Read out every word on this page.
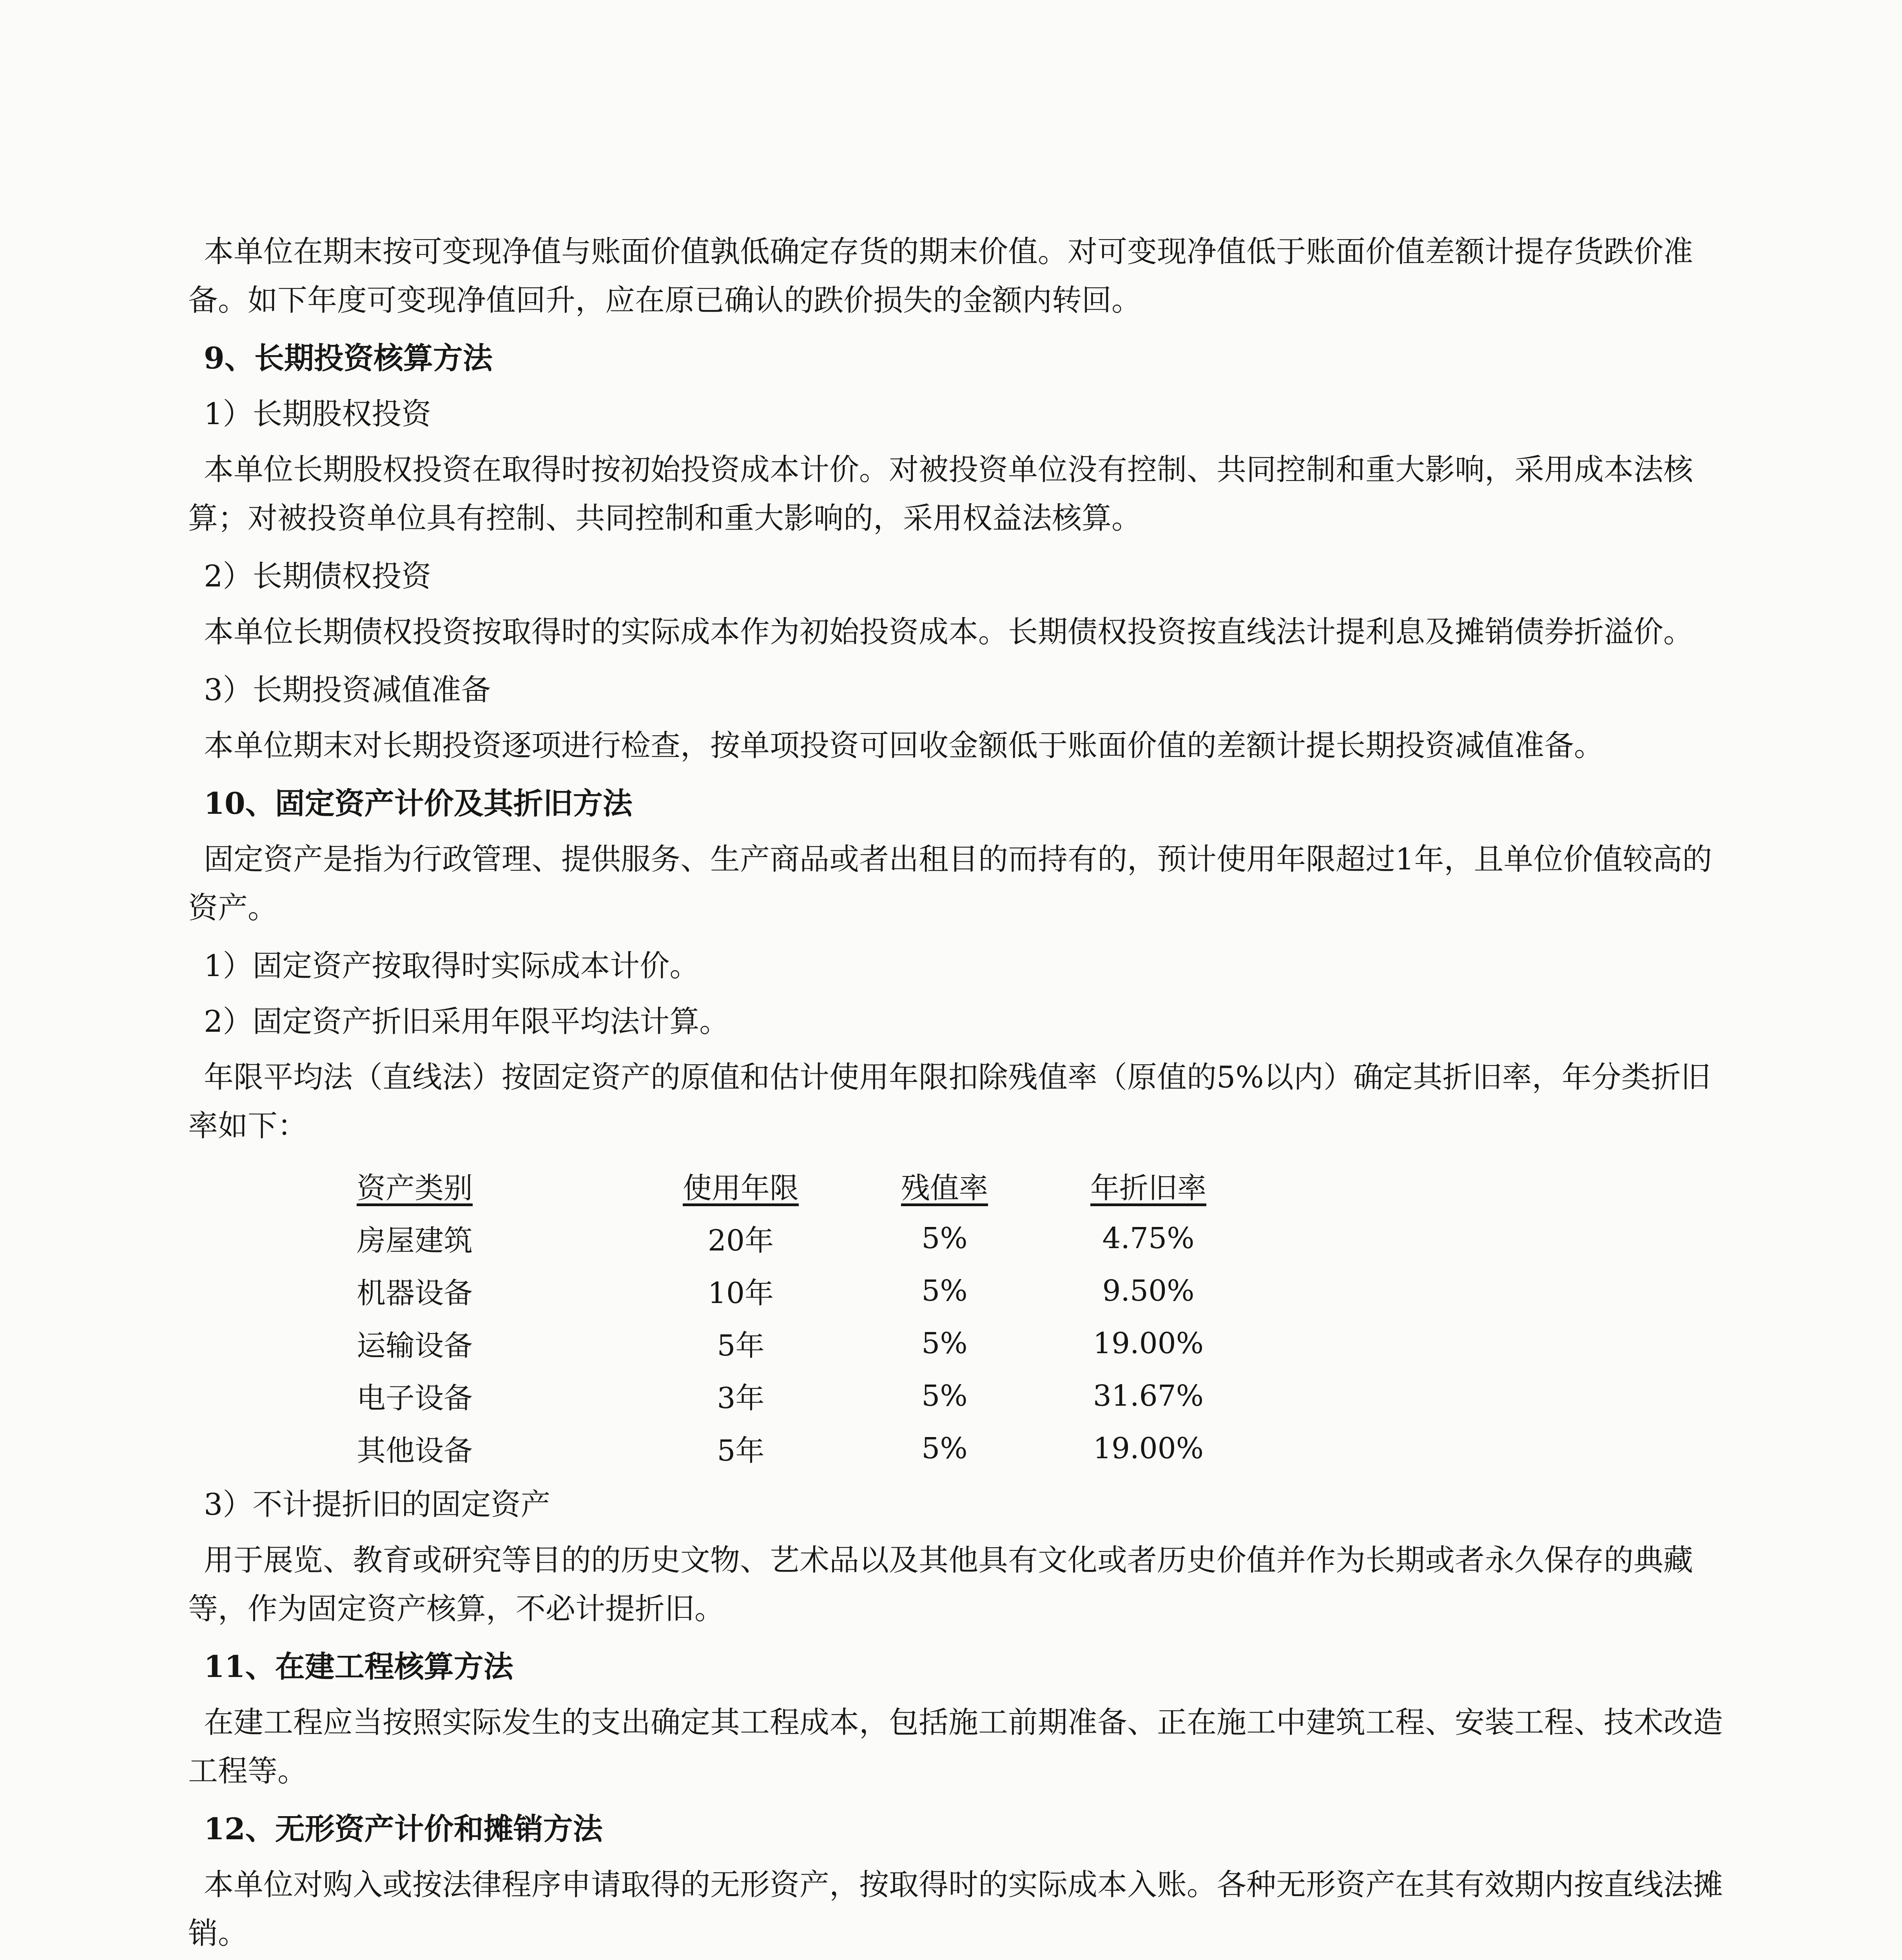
本单位在期末按可变现净值与账面价值孰低确定存货的期末价值。对可变现净值低于账面价值差额计提存货跌价准备。如下年度可变现净值回升，应在原已确认的跌价损失的金额内转回。

9、长期投资核算方法

1）长期股权投资

本单位长期股权投资在取得时按初始投资成本计价。对被投资单位没有控制、共同控制和重大影响，采用成本法核算；对被投资单位具有控制、共同控制和重大影响的，采用权益法核算。

2）长期债权投资

本单位长期债权投资按取得时的实际成本作为初始投资成本。长期债权投资按直线法计提利息及摊销债券折溢价。

3）长期投资减值准备

本单位期末对长期投资逐项进行检查，按单项投资可回收金额低于账面价值的差额计提长期投资减值准备。

10、固定资产计价及其折旧方法

固定资产是指为行政管理、提供服务、生产商品或者出租目的而持有的，预计使用年限超过1年，且单位价值较高的资产。

1）固定资产按取得时实际成本计价。

2）固定资产折旧采用年限平均法计算。

年限平均法（直线法）按固定资产的原值和估计使用年限扣除残值率（原值的5%以内）确定其折旧率，年分类折旧率如下：

资产类别	使用年限	残值率	年折旧率
房屋建筑	20年	5%	4.75%
机器设备	10年	5%	9.50%
运输设备	5年	5%	19.00%
电子设备	3年	5%	31.67%
其他设备	5年	5%	19.00%

3）不计提折旧的固定资产

用于展览、教育或研究等目的的历史文物、艺术品以及其他具有文化或者历史价值并作为长期或者永久保存的典藏等，作为固定资产核算，不必计提折旧。

11、在建工程核算方法

在建工程应当按照实际发生的支出确定其工程成本，包括施工前期准备、正在施工中建筑工程、安装工程、技术改造工程等。

12、无形资产计价和摊销方法

本单位对购入或按法律程序申请取得的无形资产，按取得时的实际成本入账。各种无形资产在其有效期内按直线法摊销。
